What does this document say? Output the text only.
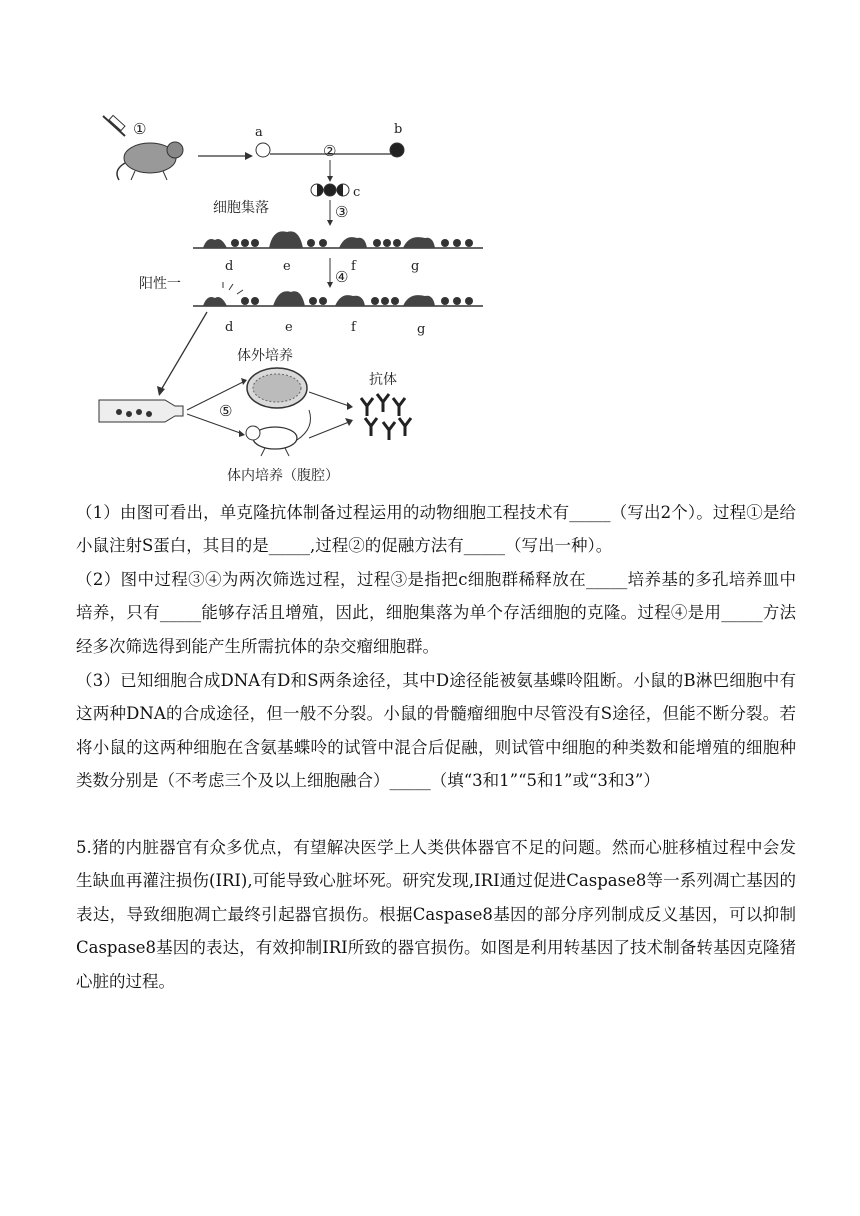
①	a	b
②
c
细胞集落	③
d	e	f	g
④
阳性一
d	e	f	g
⑤
体外培养
抗体
体内培养（腹腔）

（1）由图可看出，单克隆抗体制备过程运用的动物细胞工程技术有_____（写出2个）。过程①是给小鼠注射S蛋白，其目的是_____,过程②的促融方法有_____（写出一种）。

（2）图中过程③④为两次筛选过程，过程③是指把c细胞群稀释放在_____培养基的多孔培养皿中培养，只有_____能够存活且增殖，因此，细胞集落为单个存活细胞的克隆。过程④是用_____方法经多次筛选得到能产生所需抗体的杂交瘤细胞群。

（3）已知细胞合成DNA有D和S两条途径，其中D途径能被氨基蝶呤阻断。小鼠的B淋巴细胞中有这两种DNA的合成途径，但一般不分裂。小鼠的骨髓瘤细胞中尽管没有S途径，但能不断分裂。若将小鼠的这两种细胞在含氨基蝶呤的试管中混合后促融，则试管中细胞的种类数和能增殖的细胞种类数分别是（不考虑三个及以上细胞融合）_____（填“3和1”“5和1”或“3和3”）

5.猪的内脏器官有众多优点，有望解决医学上人类供体器官不足的问题。然而心脏移植过程中会发生缺血再灌注损伤(IRI),可能导致心脏坏死。研究发现,IRI通过促进Caspase8等一系列凋亡基因的表达，导致细胞凋亡最终引起器官损伤。根据Caspase8基因的部分序列制成反义基因，可以抑制Caspase8基因的表达，有效抑制IRI所致的器官损伤。如图是利用转基因了技术制备转基因克隆猪心脏的过程。
